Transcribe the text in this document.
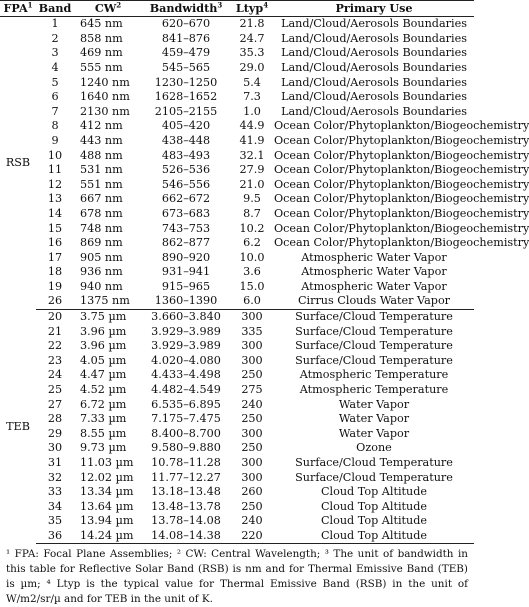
FPA$^1$	Band	$CW^2$	Bandwidth$^3$	Ltyp$^4$	Primary Use
RSB	1	645 nm	620–670	21.8	Land/Cloud/Aerosols Boundaries
	2	858 nm	841–876	24.7	Land/Cloud/Aerosols Boundaries
	3	469 nm	459–479	35.3	Land/Cloud/Aerosols Boundaries
	4	555 nm	545–565	29.0	Land/Cloud/Aerosols Boundaries
	5	1240 nm	1230–1250	5.4	Land/Cloud/Aerosols Boundaries
	6	1640 nm	1628–1652	7.3	Land/Cloud/Aerosols Boundaries
	7	2130 nm	2105–2155	1.0	Land/Cloud/Aerosols Boundaries
	8	412 nm	405–420	44.9	Ocean Color/Phytoplankton/Biogeochemistry
	9	443 nm	438–448	41.9	Ocean Color/Phytoplankton/Biogeochemistry
	10	488 nm	483–493	32.1	Ocean Color/Phytoplankton/Biogeochemistry
	11	531 nm	526–536	27.9	Ocean Color/Phytoplankton/Biogeochemistry
	12	551 nm	546–556	21.0	Ocean Color/Phytoplankton/Biogeochemistry
	13	667 nm	662–672	9.5	Ocean Color/Phytoplankton/Biogeochemistry
	14	678 nm	673–683	8.7	Ocean Color/Phytoplankton/Biogeochemistry
	15	748 nm	743–753	10.2	Ocean Color/Phytoplankton/Biogeochemistry
	16	869 nm	862–877	6.2	Ocean Color/Phytoplankton/Biogeochemistry
	17	905 nm	890–920	10.0	Atmospheric Water Vapor
	18	936 nm	931–941	3.6	Atmospheric Water Vapor
	19	940 nm	915–965	15.0	Atmospheric Water Vapor
	26	1375 nm	1360–1390	6.0	Cirrus Clouds Water Vapor
TEB	20	3.75 µm	3.660–3.840	300	Surface/Cloud Temperature
	21	3.96 µm	3.929–3.989	335	Surface/Cloud Temperature
	22	3.96 µm	3.929–3.989	300	Surface/Cloud Temperature
	23	4.05 µm	4.020–4.080	300	Surface/Cloud Temperature
	24	4.47 µm	4.433–4.498	250	Atmospheric Temperature
	25	4.52 µm	4.482–4.549	275	Atmospheric Temperature
	27	6.72 µm	6.535–6.895	240	Water Vapor
	28	7.33 µm	7.175–7.475	250	Water Vapor
	29	8.55 µm	8.400–8.700	300	Water Vapor
	30	9.73 µm	9.580–9.880	250	Ozone
	31	11.03 µm	10.78–11.28	300	Surface/Cloud Temperature
	32	12.02 µm	11.77–12.27	300	Surface/Cloud Temperature
	33	13.34 µm	13.18–13.48	260	Cloud Top Altitude
	34	13.64 µm	13.48–13.78	250	Cloud Top Altitude
	35	13.94 µm	13.78–14.08	240	Cloud Top Altitude
	36	14.24 µm	14.08–14.38	220	Cloud Top Altitude

¹ FPA: Focal Plane Assemblies; ² CW: Central Wavelength; ³ The unit of bandwidth in this table for Reflective Solar Band (RSB) is nm and for Thermal Emissive Band (TEB) is µm; ⁴ Ltyp is the typical value for Thermal Emissive Band (RSB) in the unit of W/m2/sr/µ and for TEB in the unit of K.
